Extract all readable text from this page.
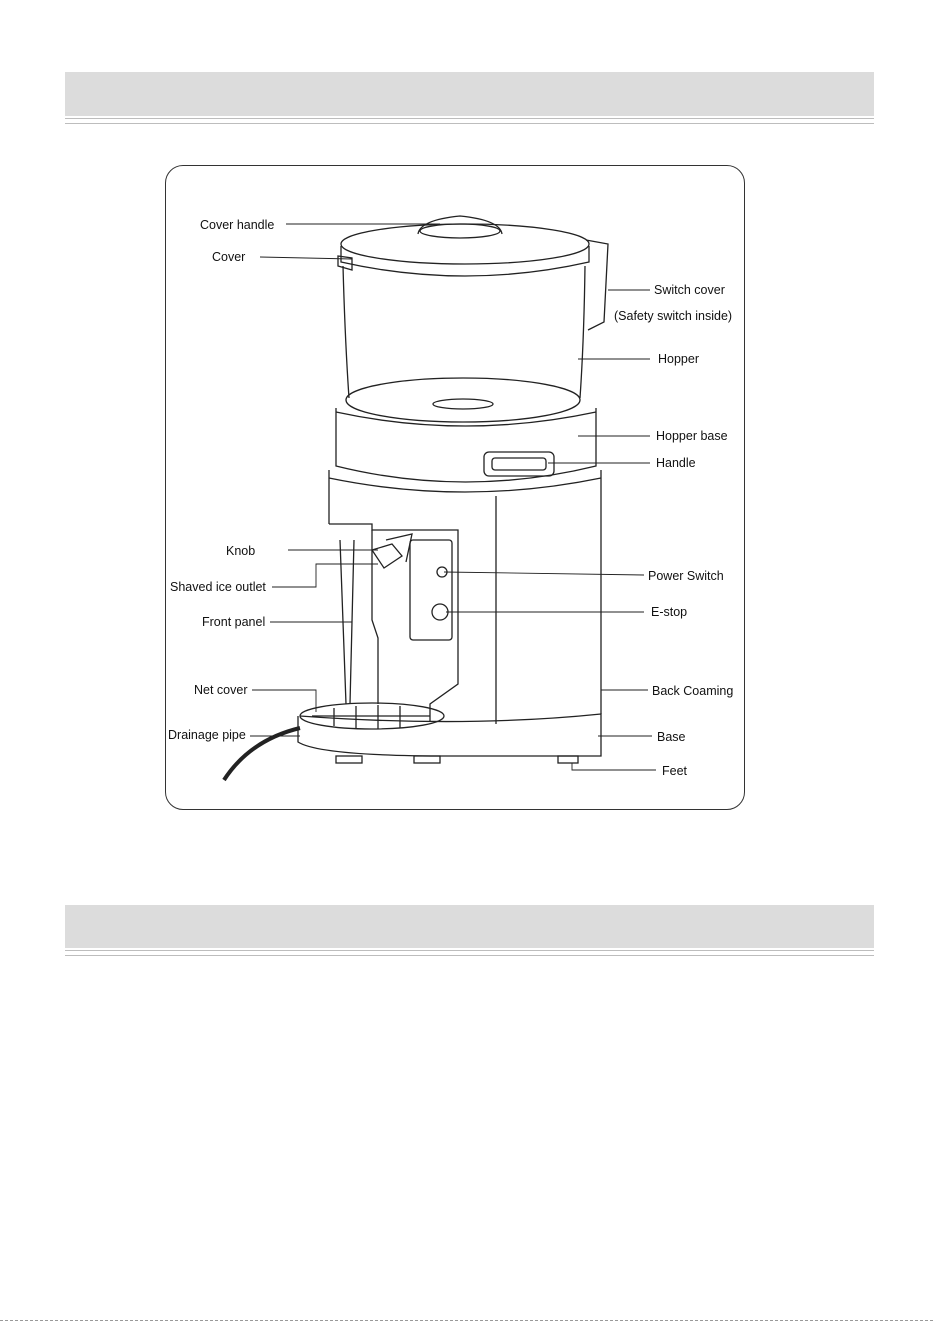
Cover handle
Cover
Switch cover
(Safety switch inside)
Hopper
Hopper base
Handle
Knob
Shaved ice outlet
Power Switch
Front panel
E-stop
Net cover	Back Coaming
Drainage pipe	Base
Feet
